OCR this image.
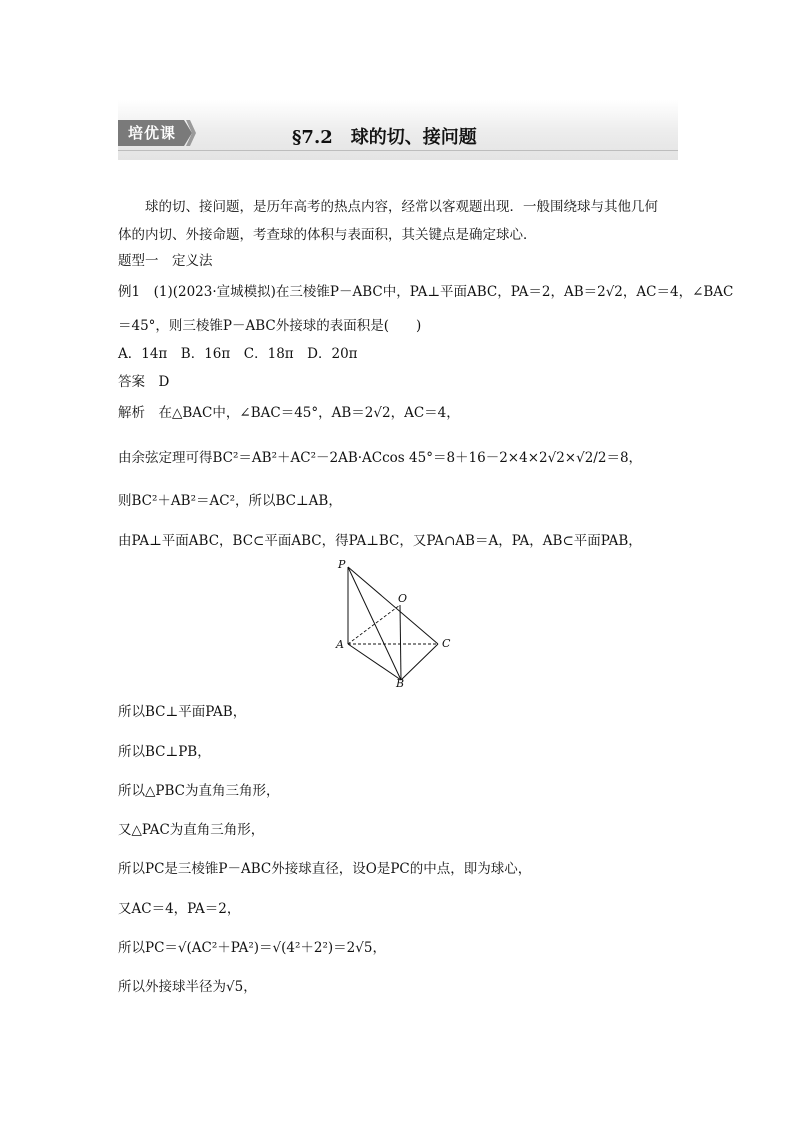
培优课	§7.2　球的切、接问题
球的切、接问题，是历年高考的热点内容，经常以客观题出现．一般围绕球与其他几何
体的内切、外接命题，考查球的体积与表面积，其关键点是确定球心．
题型一　定义法
例1　(1)(2023·宣城模拟)在三棱锥P－ABC中，PA⊥平面ABC，PA＝2，AB＝2√2，AC＝4，∠BAC
＝45°，则三棱锥P－ABC外接球的表面积是(　　)
A．14π　B．16π　C．18π　D．20π
答案　D
解析　在△BAC中，∠BAC＝45°，AB＝2√2，AC＝4，
由余弦定理可得BC²＝AB²＋AC²－2AB·ACcos 45°＝8＋16－2×4×2√2×√2/2＝8，
则BC²＋AB²＝AC²，所以BC⊥AB，
由PA⊥平面ABC，BC⊂平面ABC，得PA⊥BC，又PA∩AB＝A，PA，AB⊂平面PAB，
P
O
A	C
B
所以BC⊥平面PAB，
所以BC⊥PB，
所以△PBC为直角三角形，
又△PAC为直角三角形，
所以PC是三棱锥P－ABC外接球直径，设O是PC的中点，即为球心，
又AC＝4，PA＝2，
所以PC＝√(AC²＋PA²)＝√(4²＋2²)＝2√5，
所以外接球半径为√5，
